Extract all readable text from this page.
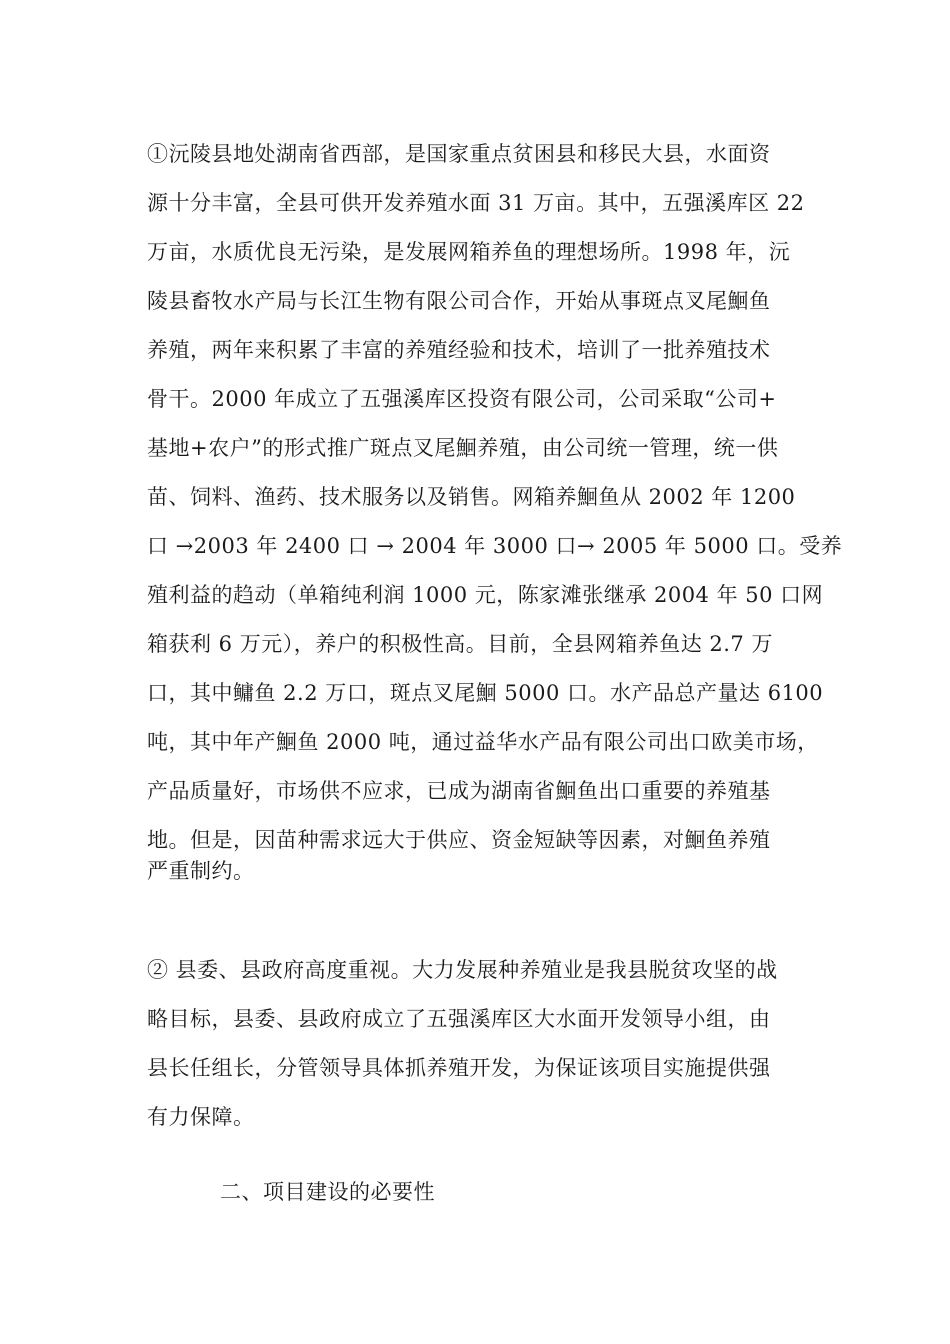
①沅陵县地处湖南省西部，是国家重点贫困县和移民大县，水面资

源十分丰富，全县可供开发养殖水面 31 万亩。其中，五强溪库区 22

万亩，水质优良无污染，是发展网箱养鱼的理想场所。1998 年，沅

陵县畜牧水产局与长江生物有限公司合作，开始从事斑点叉尾鮰鱼

养殖，两年来积累了丰富的养殖经验和技术，培训了一批养殖技术

骨干。2000 年成立了五强溪库区投资有限公司，公司采取“公司+

基地+农户”的形式推广斑点叉尾鮰养殖，由公司统一管理，统一供

苗、饲料、渔药、技术服务以及销售。网箱养鮰鱼从 2002 年 1200

口 →2003 年 2400 口 → 2004 年 3000 口→ 2005 年 5000 口。受养

殖利益的趋动（单箱纯利润 1000 元，陈家滩张继承 2004 年 50 口网

箱获利 6 万元），养户的积极性高。目前，全县网箱养鱼达 2.7 万

口，其中鳙鱼 2.2 万口，斑点叉尾鮰 5000 口。水产品总产量达 6100

吨，其中年产鮰鱼 2000 吨，通过益华水产品有限公司出口欧美市场，

产品质量好，市场供不应求，已成为湖南省鮰鱼出口重要的养殖基

地。但是，因苗种需求远大于供应、资金短缺等因素，对鮰鱼养殖

严重制约。

② 县委、县政府高度重视。大力发展种养殖业是我县脱贫攻坚的战

略目标，县委、县政府成立了五强溪库区大水面开发领导小组，由

县长任组长，分管领导具体抓养殖开发，为保证该项目实施提供强

有力保障。

二、项目建设的必要性
